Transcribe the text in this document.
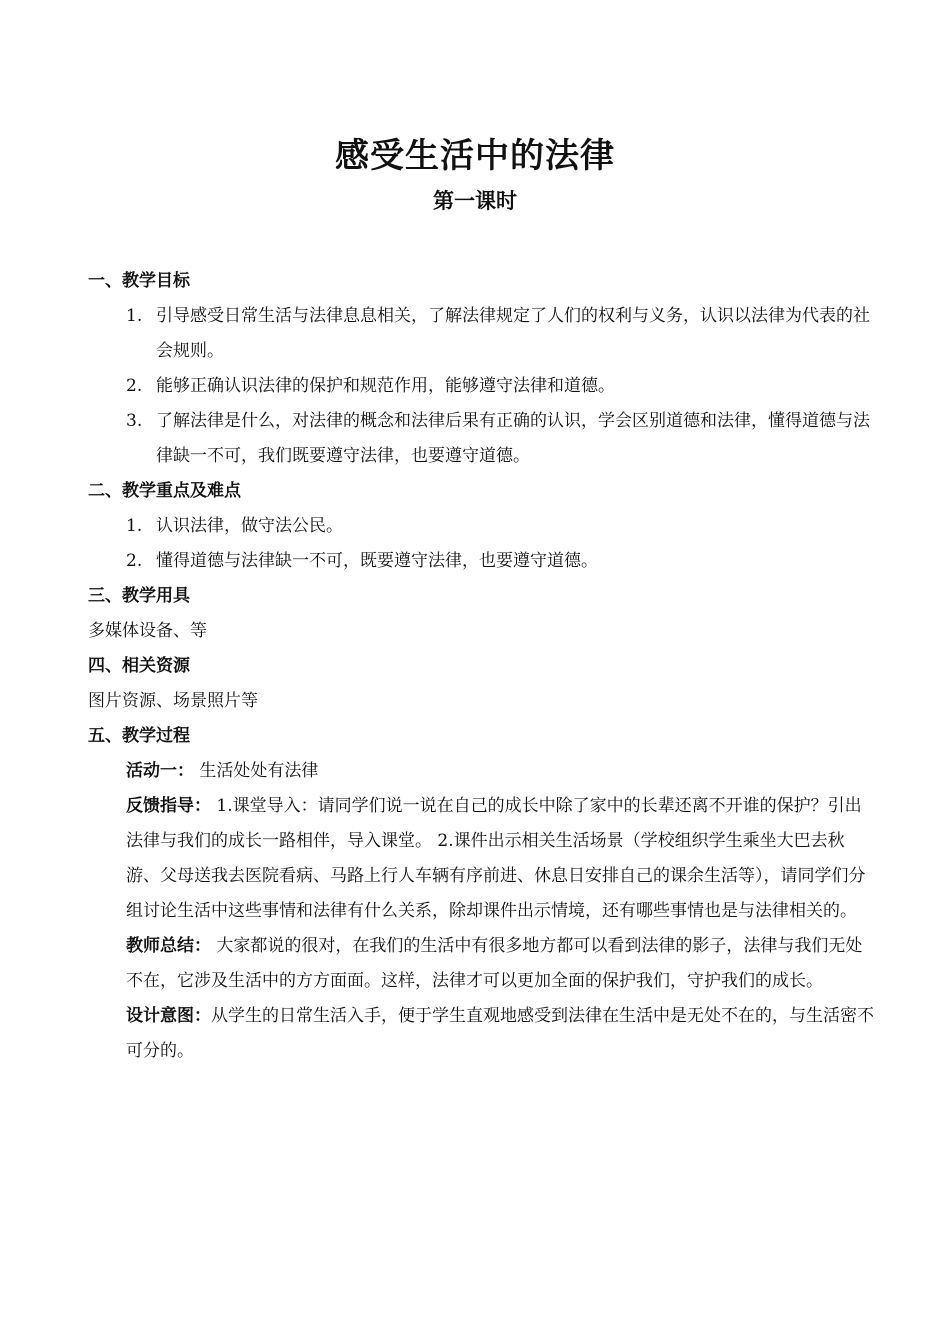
感受生活中的法律
第一课时
一、教学目标
1. 引导感受日常生活与法律息息相关，了解法律规定了人们的权利与义务，认识以法律为代表的社会规则。
2. 能够正确认识法律的保护和规范作用，能够遵守法律和道德。
3. 了解法律是什么，对法律的概念和法律后果有正确的认识，学会区别道德和法律，懂得道德与法律缺一不可，我们既要遵守法律，也要遵守道德。
二、教学重点及难点
1. 认识法律，做守法公民。
2. 懂得道德与法律缺一不可，既要遵守法律，也要遵守道德。
三、教学用具
多媒体设备、等
四、相关资源
图片资源、场景照片等
五、教学过程
活动一： 生活处处有法律
反馈指导： 1.课堂导入：请同学们说一说在自己的成长中除了家中的长辈还离不开谁的保护？引出法律与我们的成长一路相伴，导入课堂。 2.课件出示相关生活场景（学校组织学生乘坐大巴去秋游、父母送我去医院看病、马路上行人车辆有序前进、休息日安排自己的课余生活等），请同学们分组讨论生活中这些事情和法律有什么关系，除却课件出示情境，还有哪些事情也是与法律相关的。
教师总结： 大家都说的很对，在我们的生活中有很多地方都可以看到法律的影子，法律与我们无处不在，它涉及生活中的方方面面。这样，法律才可以更加全面的保护我们，守护我们的成长。
设计意图：从学生的日常生活入手，便于学生直观地感受到法律在生活中是无处不在的，与生活密不可分的。
